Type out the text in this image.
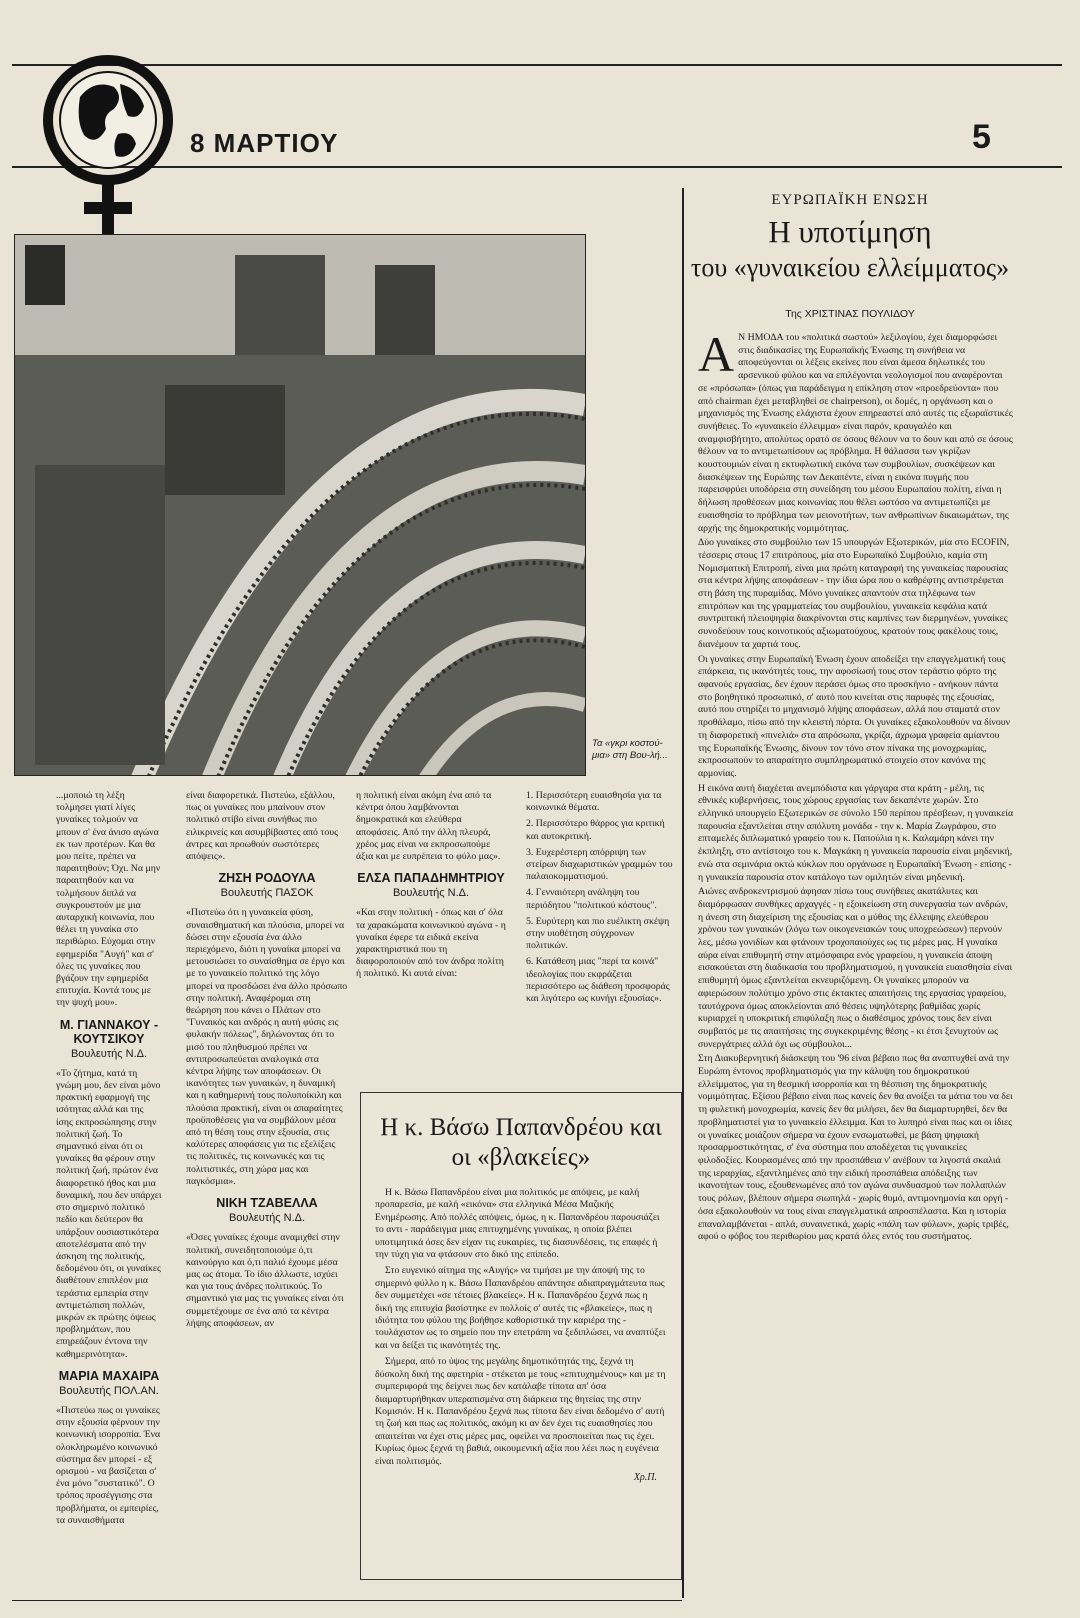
8 ΜΑΡΤΙΟΥ	5
Τα «γκρι κοστού-μια» στη Βου-λή...

...μοποιώ τη λέξη τολμησει γιατί λίγες γυναίκες τολμούν να μπουν σ' ένα άνισο αγώνα εκ των προτέρων. Και θα μου πείτε, πρέπει να παραιτηθούν; Όχι. Να μην παραιτηθούν και να τολμήσουν διπλά να συγκρουστούν με μια αυταρχική κοινωνία, που θέλει τη γυναίκα στο περιθώριο. Εύχομαι στην εφημερίδα "Αυγή" και σ' όλες τις γυναίκες που βγάζουν την εφημερίδα επιτυχία. Κοντά τους με την ψυχή μου».

Μ. ΓΙΑΝΝΑΚΟΥ - ΚΟΥΤΣΙΚΟΥ
Βουλευτής Ν.Δ.

«Το ζήτημα, κατά τη γνώμη μου, δεν είναι μόνο πρακτική εφαρμογή της ισότητας αλλά και της ίσης εκπροσώπησης στην πολιτική ζωή. Το σημαντικό είναι ότι οι γυναίκες θα φέρουν στην πολιτική ζωή, πρώτον ένα διαφορετικό ήθος και μια δυναμική, που δεν υπάρχει στο σημερινό πολιτικό πεδίο και δεύτερον θα υπάρξουν ουσιαστικότερα αποτελέσματα από την άσκηση της πολιτικής, δεδομένου ότι, οι γυναίκες διαθέτουν επιπλέον μια τεράστια εμπειρία στην αντιμετώπιση πολλών, μικρών εκ πρώτης όψεως προβλημάτων, που επηρεάζουν έντονα την καθημερινότητα».

ΜΑΡΙΑ ΜΑΧΑΙΡΑ
Βουλευτής ΠΟΛ.ΑΝ.

«Πιστεύω πως οι γυναίκες στην εξουσία φέρνουν την κοινωνική ισορροπία. Ένα ολοκληρωμένο κοινωνικό σύστημα δεν μπορεί - εξ ορισμού - να βασίζεται σ' ένα μόνο "συστατικό". Ο τρόπος προσέγγισης στα προβλήματα, οι εμπειρίες, τα συναισθήματα

είναι διαφορετικά. Πιστεύω, εξάλλου, πως οι γυναίκες που μπαίνουν στον πολιτικό στίβο είναι συνήθως πιο ειλικρινείς και ασυμβίβαστες από τους άντρες και προωθούν σωστότερες απόψεις».

ΖΗΣΗ ΡΟΔΟΥΛΑ
Βουλευτής ΠΑΣΟΚ

«Πιστεύω ότι η γυναικεία φύση, συναισθηματική και πλούσια, μπορεί να δώσει στην εξουσία ένα άλλο περιεχόμενο, διότι η γυναίκα μπορεί να μετουσιώσει το συναίσθημα σε έργο και με το γυναικείο πολιτικό της λόγο μπορεί να προσδώσει ένα άλλο πρόσωπο στην πολιτική. Αναφέρομαι στη θεώρηση που κάνει ο Πλάτων στο "Γυναικός και ανδρός η αυτή φύσις εις φυλακήν πόλεως", δηλώνοντας ότι το μισό του πληθυσμού πρέπει να αντιπροσωπεύεται αναλογικά στα κέντρα λήψης των αποφάσεων. Οι ικανότητες των γυναικών, η δυναμική και η καθημερινή τους πολυποίκιλη και πλούσια πρακτική, είναι οι απαραίτητες προϋποθέσεις για να συμβάλουν μέσα από τη θέση τους στην εξουσία, στις καλύτερες αποφάσεις για τις εξελίξεις τις πολιτικές, τις κοινωνικές και τις πολιτιστικές, στη χώρα μας και παγκόσμια».

ΝΙΚΗ ΤΖΑΒΕΛΛΑ
Βουλευτής Ν.Δ.

«Όσες γυναίκες έχουμε αναμιχθεί στην πολιτική, συνειδητοποιούμε ό,τι καινούργιο και ό,τι παλιό έχουμε μέσα μας ως άτομα. Το ίδιο άλλωστε, ισχύει και για τους άνδρες πολιτικούς. Το σημαντικό για μας τις γυναίκες είναι ότι συμμετέχουμε σε ένα από τα κέντρα λήψης αποφάσεων, αν

η πολιτική είναι ακόμη ένα από τα κέντρα όπου λαμβάνονται δημοκρατικά και ελεύθερα αποφάσεις. Από την άλλη πλευρά, χρέος μας είναι να εκπροσωπούμε άξια και με ευπρέπεια το φύλο μας».

ΕΛΣΑ ΠΑΠΑΔΗΜΗΤΡΙΟΥ
Βουλευτής Ν.Δ.

«Και στην πολιτική - όπως και σ' όλα τα χαρακώματα κοινωνικού αγώνα - η γυναίκα έφερε τα ειδικά εκείνα χαρακτηριστικά που τη διαφοροποιούν από τον άνδρα πολίτη ή πολιτικό. Κι αυτά είναι:

1. Περισσότερη ευαισθησία για τα κοινωνικά θέματα.

2. Περισσότερο θάρρος για κριτική και αυτοκριτική.

3. Ευχερέστερη απόρριψη των στείρων διαχωριστικών γραμμών του παλαιοκομματισμού.

4. Γενναιότερη ανάληψη του περιόδητου "πολιτικού κόστους".

5. Ευρύτερη και πιο ευέλικτη σκέψη στην υιοθέτηση σύγχρονων πολιτικών.

6. Κατάθεση μιας "περί τα κοινά" ιδεολογίας που εκφράζεται περισσότερο ως διάθεση προσφοράς και λιγότερο ως κυνήγι εξουσίας».

ΕΥΡΩΠΑΪΚΗ ΕΝΩΣΗ
Η υποτίμηση
του «γυναικείου ελλείμματος»
Της ΧΡΙΣΤΙΝΑΣ ΠΟΥΛΙΔΟΥ

Α Ν ΗΜΟΔΑ του «πολιτικά σωστού» λεξιλογίου, έχει διαμορφώσει στις διαδικασίες της Ευρωπαϊκής Ένωσης τη συνήθεια να αποφεύγονται οι λέξεις εκείνες που είναι άμεσα δηλωτικές του αρσενικού φύλου και να επιλέγονται νεολογισμοί που αναφέρονται σε «πρόσωπα» (όπως για παράδειγμα η επίκληση στον «προεδρεύοντα» που από chairman έχει μεταβληθεί σε chairperson), οι δομές, η οργάνωση και ο μηχανισμός της Ένωσης ελάχιστα έχουν επηρεαστεί από αυτές τις εξωραϊστικές συνήθειες. Το «γυναικείο έλλειμμα» είναι παρόν, κραυγαλέο και αναμφισβήτητο, απολύτως ορατό σε όσους θέλουν να το δουν και από σε όσους θέλουν να το αντιμετωπίσουν ως πρόβλημα. Η θάλασσα των γκρίζων κουστουμιών είναι η εκτυφλωτική εικόνα των συμβουλίων, συσκέψεων και διασκέψεων της Ευρώπης των Δεκαπέντε, είναι η εικόνα πυγμής που παρεισφρύει υποδόρεια στη συνείδηση του μέσου Ευρωπαίου πολίτη, είναι η δήλωση προθέσεων μιας κοινωνίας που θέλει ωστόσο να αντιμετωπίζει με ευαισθησία το πρόβλημα των μειονοτήτων, των ανθρωπίνων δικαιωμάτων, της αρχής της δημοκρατικής νομιμότητας.

Δύο γυναίκες στο συμβούλιο των 15 υπουργών Εξωτερικών, μία στο ECOFIN, τέσσερις στους 17 επιτρόπους, μία στο Ευρωπαϊκό Συμβούλιο, καμία στη Νομισματική Επιτροπή, είναι μια πρώτη καταγραφή της γυναικείας παρουσίας στα κέντρα λήψης αποφάσεων - την ίδια ώρα που ο καθρέφτης αντιστρέφεται στη βάση της πυραμίδας. Μόνο γυναίκες απαντούν στα τηλέφωνα των επιτρόπων και της γραμματείας του συμβουλίου, γυναικεία κεφάλια κατά συντριπτική πλειοψηφία διακρίνονται στις καμπίνες των διερμηνέων, γυναίκες συνοδεύουν τους κοινοτικούς αξιωματούχους, κρατούν τους φακέλους τους, διανέμουν τα χαρτιά τους.

Οι γυναίκες στην Ευρωπαϊκή Ένωση έχουν αποδείξει την επαγγελματική τους επάρκεια, τις ικανότητές τους, την αφοσίωσή τους στον τεράστιο φόρτο της αφανούς εργασίας, δεν έχουν περάσει όμως στο προσκήνιο - ανήκουν πάντα στο βοηθητικό προσωπικό, σ' αυτό που κινείται στις παρυφές της εξουσίας, αυτό που στηρίζει το μηχανισμό λήψης αποφάσεων, αλλά που σταματά στον προθάλαμο, πίσω από την κλειστή πόρτα. Οι γυναίκες εξακολουθούν να δίνουν τη διαφορετική «πινελιά» στα απρόσωπα, γκρίζα, άχρωμα γραφεία αμίαντου της Ευρωπαϊκής Ένωσης, δίνουν τον τόνο στον πίνακα της μονοχρωμίας, εκπροσωπούν το απαραίτητο συμπληρωματικό στοιχείο στον κανόνα της αρμονίας.

Η εικόνα αυτή διαχέεται ανεμπόδιστα και γάργαρα στα κράτη - μέλη, τις εθνικές κυβερνήσεις, τους χώρους εργασίας των δεκαπέντε χωρών. Στο ελληνικό υπουργείο Εξωτερικών σε σύνολο 150 περίπου πρέσβεων, η γυναικεία παρουσία εξαντλείται στην απόλυτη μονάδα - την κ. Μαρία Ζωγράφου, στο επταμελές διπλωματικό γραφείο του κ. Παπούλια η κ. Καλαμάρη κάνει την έκπληξη, στο αντίστοιχο του κ. Μαγκάκη η γυναικεία παρουσία είναι μηδενική, ενώ στα σεμινάρια οκτώ κύκλων που οργάνωσε η Ευρωπαϊκή Ένωση - επίσης - η γυναικεία παρουσία στον κατάλογο των ομιλητών είναι μηδενική.

Αιώνες ανδροκεντρισμού άφησαν πίσω τους συνήθειες ακατάλυτες και διαμόρφωσαν συνθήκες αρχαγγές - η εξοικείωση στη συνεργασία των ανδρών, η άνεση στη διαχείριση της εξουσίας και ο μύθος της έλλειψης ελεύθερου χρόνου των γυναικών (λόγω των οικογενειακών τους υποχρεώσεων) περνούν λες, μέσω γονιδίων και φτάνουν τροχοπαιούχες ως τις μέρες μας. Η γυναίκα αύρα είναι επιθυμητή στην ατμόσφαιρα ενός γραφείου, η γυναικεία άποψη εισακούεται στη διαδικασία του προβληματισμού, η γυναικεία ευαισθησία είναι επιθυμητή όμως εξαντλείται εκνευριζόμενη. Οι γυναίκες μπορούν να αφιερώσουν πολύτιμο χρόνο στις έκτακτες απαιτήσεις της εργασίας γραφείου, ταυτόχρονα όμως αποκλείονται από θέσεις υψηλότερης βαθμίδας χωρίς κυριαρχεί η υποκριτική επιφύλαξη πως ο διαθέσιμος χρόνος τους δεν είναι συμβατός με τις απαιτήσεις της συγκεκριμένης θέσης - κι έτσι ξενυχτούν ως συνεργάτριες αλλά όχι ως σύμβουλοι...

Στη Διακυβερνητική διάσκεψη του '96 είναι βέβαιο πως θα αναπτυχθεί ανά την Ευρώπη έντονος προβληματισμός για την κάλυψη του δημοκρατικού ελλείμματος, για τη θεσμική ισορροπία και τη θέσπιση της δημοκρατικής νομιμότητας. Εξίσου βέβαιο είναι πως κανείς δεν θα ανοίξει τα μάτια του να δει τη φυλετική μονοχρωμία, κανείς δεν θα μιλήσει, δεν θα διαμαρτυρηθεί, δεν θα προβληματιστεί για το γυναικείο έλλειμμα. Και το λυπηρό είναι πως και οι ίδιες οι γυναίκες μοιάζουν σήμερα να έχουν ενσωματωθεί, με βάση ψηφιακή προσαρμοστικότητας, σ' ένα σύστημα που αποδέχεται τις γυναικείες φιλοδοξίες. Κουρασμένες από την προσπάθεια ν' ανέβουν τα λιγοστά σκαλιά της ιεραρχίας, εξαντλημένες από την ειδική προσπάθεια απόδειξης των ικανοτήτων τους, εξουθενωμένες από τον αγώνα συνδυασμού των πολλαπλών τους ρόλων, βλέπουν σήμερα σιωπηλά - χωρίς θυμό, αντιμονημονία και οργή - όσα εξακολουθούν να τους είναι επαγγελματικά απροσπέλαστα. Και η ιστορία επαναλαμβάνεται - απλά, συναινετικά, χωρίς «πάλη των φύλων», χωρίς τριβές, αφού ο φόβος του περιθωρίου μας κρατά όλες εντός του συστήματος.

Η κ. Βάσω Παπανδρέου και
οι «βλακείες»

Η κ. Βάσω Παπανδρέου είναι μια πολιτικός με απόψεις, με καλή προπαρεσία, με καλή «εικόνα» στα ελληνικά Μέσα Μαζικής Ενημέρωσης. Από πολλές απόψεις, όμως, η κ. Παπανδρέου παρουσιάζει το αντι - παράδειγμα μιας επιτυχημένης γυναίκας, η οποία βλέπει υποτιμητικά όσες δεν είχαν τις ευκαιρίες, τις διασυνδέσεις, τις επαφές ή την τύχη για να φτάσουν στο δικό της επίπεδο.

Στο ευγενικό αίτημα της «Αυγής» να τιμήσει με την άποψή της το σημερινό φύλλο η κ. Βάσω Παπανδρέου απάντησε αδιαπραγμάτευτα πως δεν συμμετέχει «σε τέτοιες βλακείες». Η κ. Παπανδρέου ξεχνά πως η δική της επιτυχία βασίστηκε εν πολλοίς σ' αυτές τις «βλακείες», πως η ιδιότητα του φύλου της βοήθησε καθοριστικά την καριέρα της - τουλάχιστον ως το σημείο που την επετράπη να ξεδιπλώσει, να αναπτύξει και να δείξει τις ικανότητές της.

Σήμερα, από το ύψος της μεγάλης δημοτικότητάς της, ξεχνά τη δύσκολη δική της αφετηρία - στέκεται με τους «επιτυχημένους» και με τη συμπεριφορά της δείχνει πως δεν κατάλαβε τίποτα απ' όσα διαμαρτυρήθηκαν υπεραπισμένα στη διάρκεια της θητείας της στην Κομισιόν. Η κ. Παπανδρέου ξεχνά πως τίποτα δεν είναι δεδομένο σ' αυτή τη ζωή και πως ως πολιτικός, ακόμη κι αν δεν έχει τις ευαισθησίες που απαιτείται να έχει στις μέρες μας, οφείλει να προσποιείται πως τις έχει. Κυρίως όμως ξεχνά τη βαθιά, οικουμενική αξία που λέει πως η ευγένεια είναι πολιτισμός.

Χρ.Π.
